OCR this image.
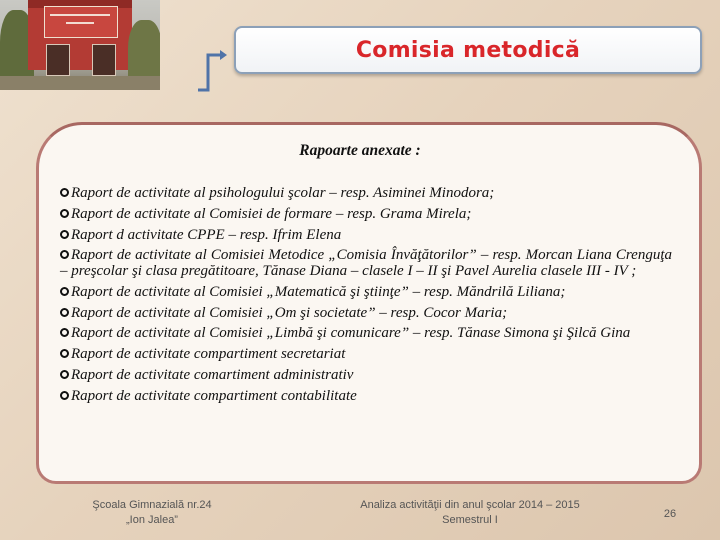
Comisia metodică
Rapoarte anexate :
Raport de activitate al psihologului şcolar – resp. Asiminei Minodora;
Raport de activitate al Comisiei de formare – resp. Grama Mirela;
Raport d activitate CPPE – resp. Ifrim Elena
Raport de activitate al Comisiei Metodice „Comisia Învăţătorilor” – resp. Morcan Liana Crenguţa – preşcolar şi clasa pregătitoare, Tănase Diana – clasele I – II şi Pavel Aurelia clasele III - IV ;
Raport de activitate al Comisiei „Matematică şi ştiinţe” – resp. Măndrilă Liliana;
Raport de activitate al Comisiei „Om şi societate” – resp. Cocor Maria;
Raport de activitate al Comisiei „Limbă şi comunicare” – resp. Tănase Simona şi Şilcă Gina
Raport de activitate compartiment secretariat
Raport de activitate comartiment administrativ
Raport de activitate compartiment contabilitate
Şcoala Gimnazială nr.24
„Ion Jalea”
Analiza activităţii din anul şcolar 2014 – 2015
Semestrul I	26
